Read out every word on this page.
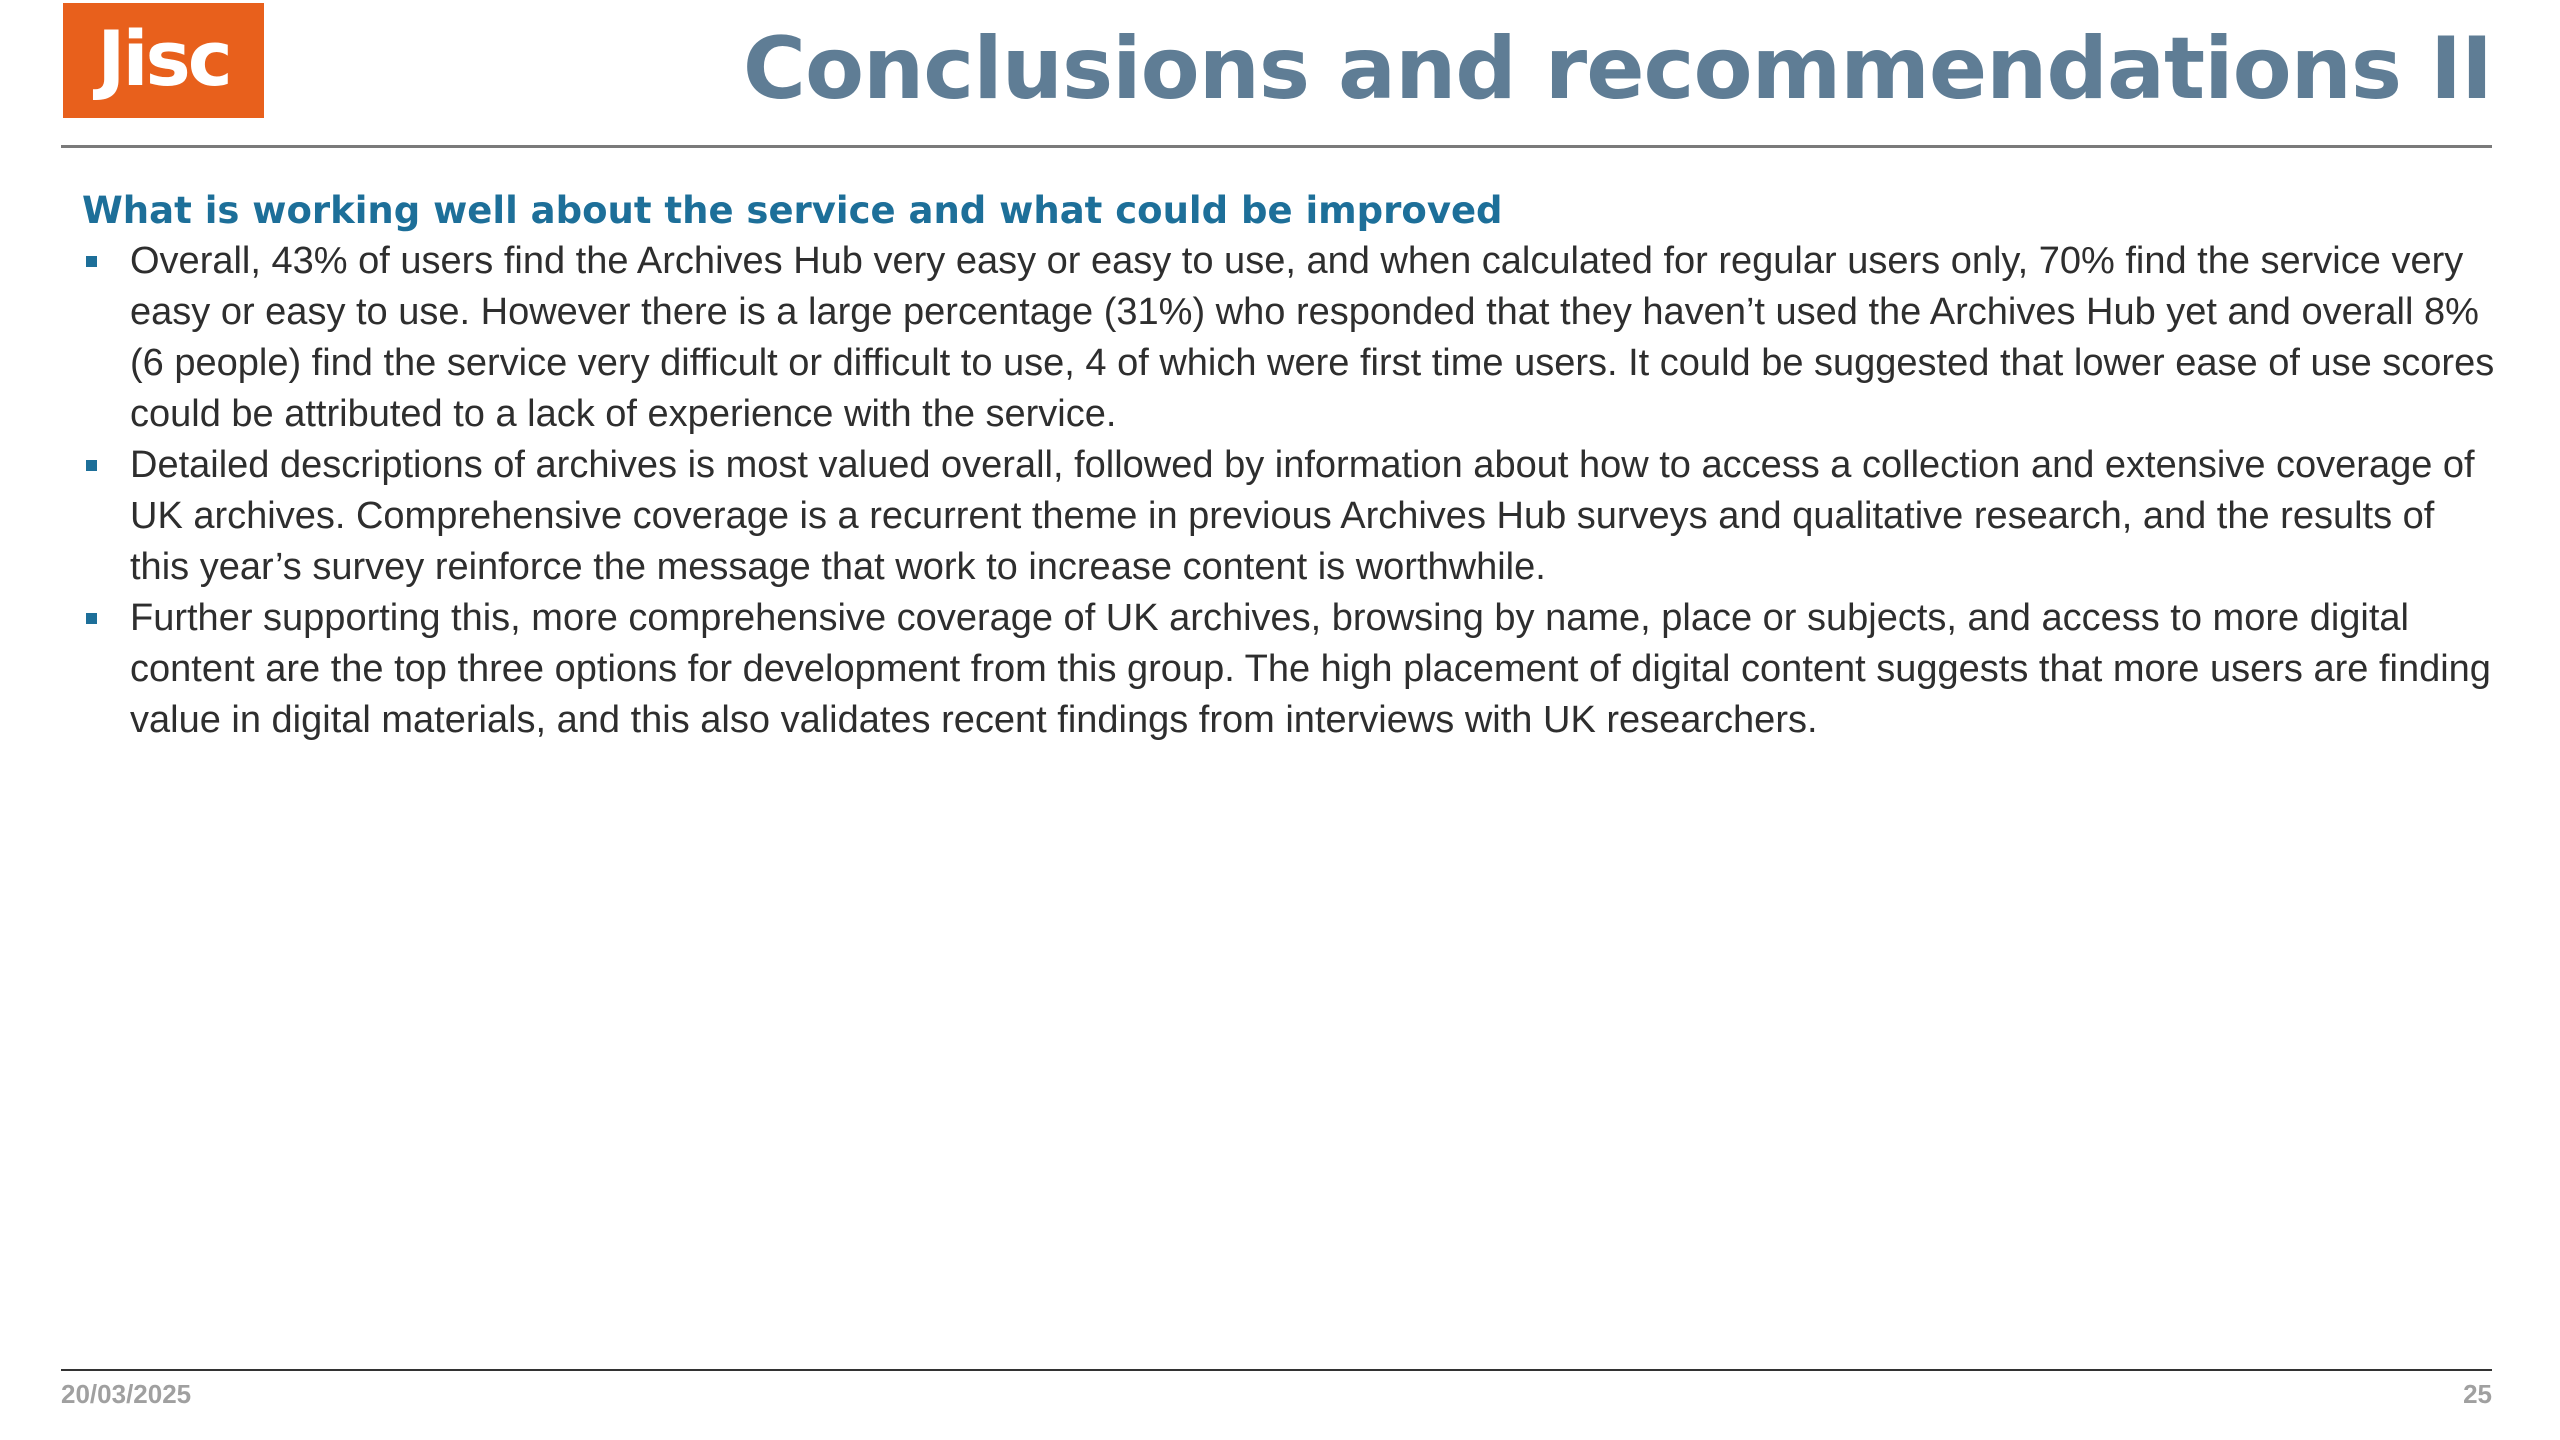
Jisc	Conclusions and recommendations II
What is working well about the service and what could be improved
Overall, 43% of users find the Archives Hub very easy or easy to use, and when calculated for regular users only, 70% find the service very easy or easy to use. However there is a large percentage (31%) who responded that they haven’t used the Archives Hub yet and overall 8% (6 people) find the service very difficult or difficult to use, 4 of which were first time users. It could be suggested that lower ease of use scores could be attributed to a lack of experience with the service.
Detailed descriptions of archives is most valued overall, followed by information about how to access a collection and extensive coverage of UK archives. Comprehensive coverage is a recurrent theme in previous Archives Hub surveys and qualitative research, and the results of this year’s survey reinforce the message that work to increase content is worthwhile.
Further supporting this, more comprehensive coverage of UK archives, browsing by name, place or subjects, and access to more digital content are the top three options for development from this group. The high placement of digital content suggests that more users are finding value in digital materials, and this also validates recent findings from interviews with UK researchers.
20/03/2025	25
